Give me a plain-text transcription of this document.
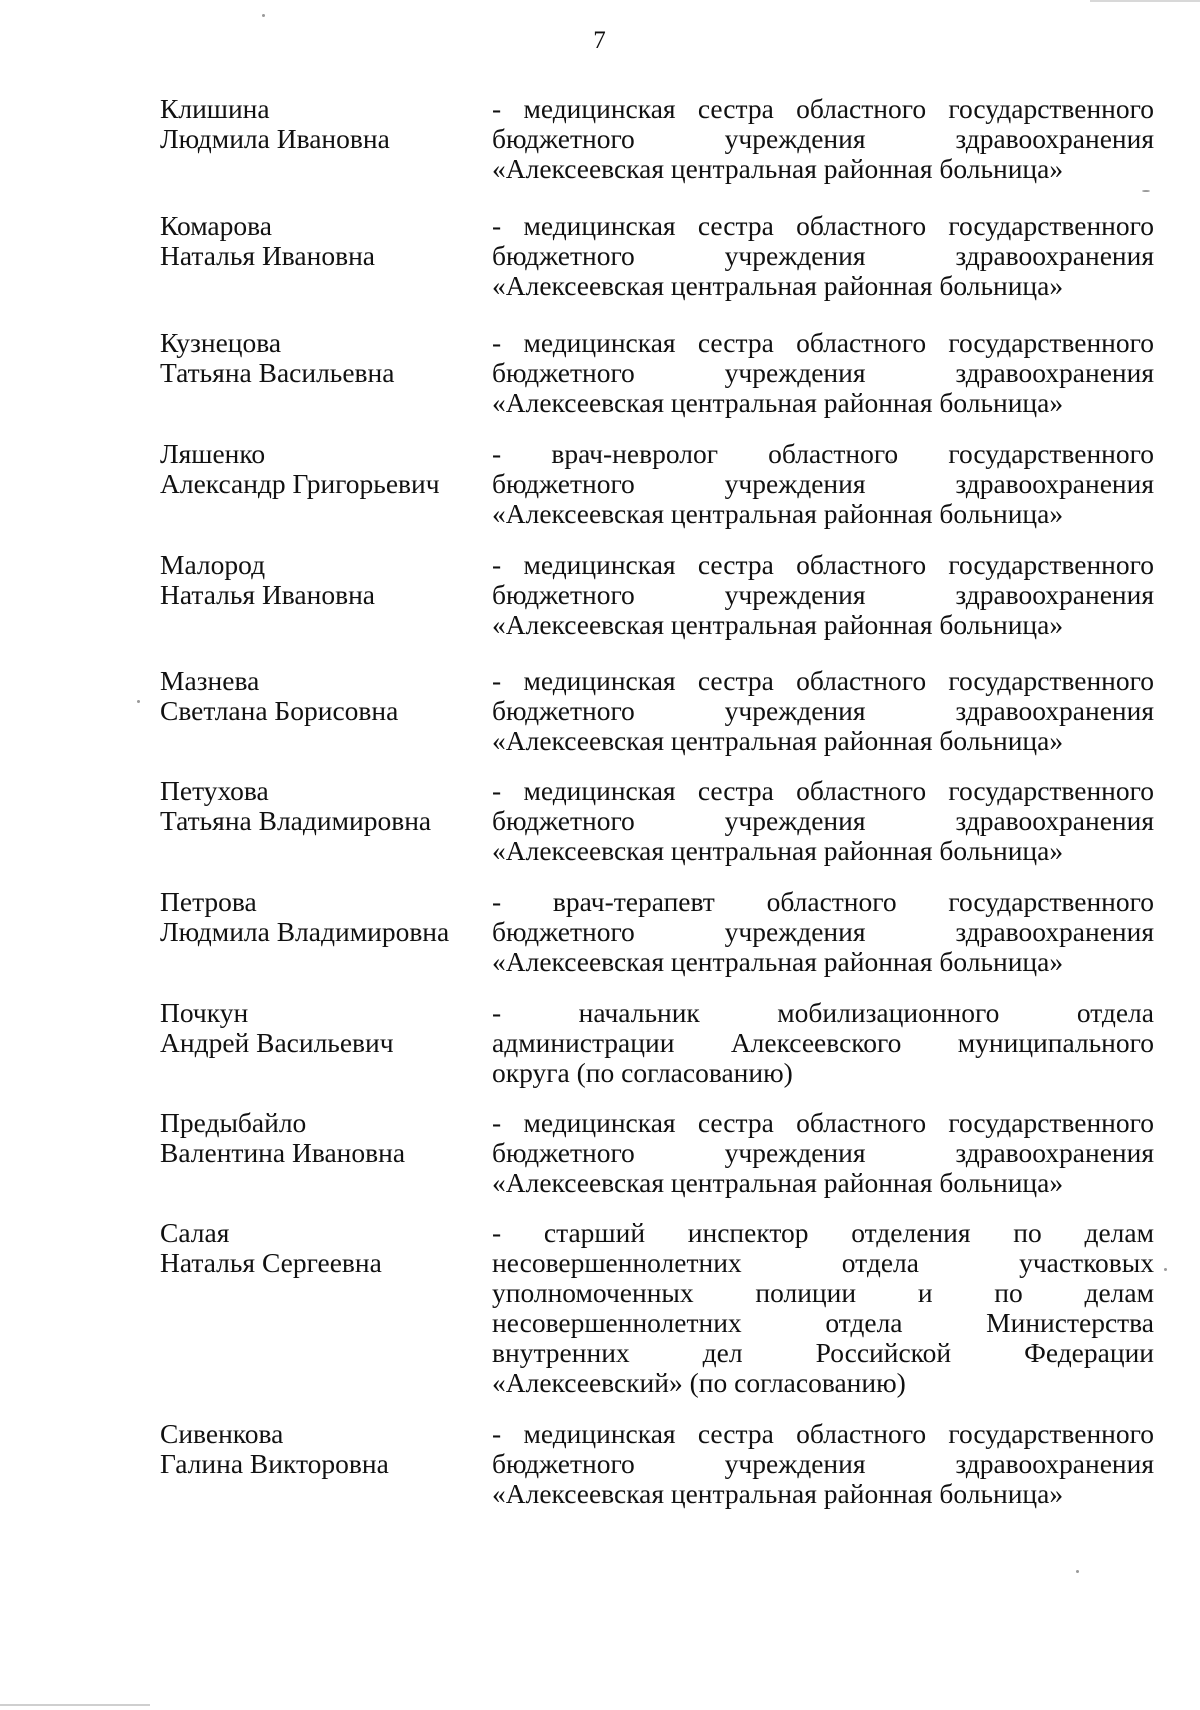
7
Клишина
Людмила Ивановна
- медицинская сестра областного государственного
бюджетного учреждения здравоохранения
«Алексеевская центральная районная больница»
Комарова
Наталья Ивановна
- медицинская сестра областного государственного
бюджетного учреждения здравоохранения
«Алексеевская центральная районная больница»
Кузнецова
Татьяна Васильевна
- медицинская сестра областного государственного
бюджетного учреждения здравоохранения
«Алексеевская центральная районная больница»
Ляшенко
Александр Григорьевич
- врач-невролог областного государственного
бюджетного учреждения здравоохранения
«Алексеевская центральная районная больница»
Малород
Наталья Ивановна
- медицинская сестра областного государственного
бюджетного учреждения здравоохранения
«Алексеевская центральная районная больница»
Мазнева
Светлана Борисовна
- медицинская сестра областного государственного
бюджетного учреждения здравоохранения
«Алексеевская центральная районная больница»
Петухова
Татьяна Владимировна
- медицинская сестра областного государственного
бюджетного учреждения здравоохранения
«Алексеевская центральная районная больница»
Петрова
Людмила Владимировна
- врач-терапевт областного государственного
бюджетного учреждения здравоохранения
«Алексеевская центральная районная больница»
Почкун
Андрей Васильевич
- начальник мобилизационного отдела
администрации Алексеевского муниципального
округа (по согласованию)
Предыбайло
Валентина Ивановна
- медицинская сестра областного государственного
бюджетного учреждения здравоохранения
«Алексеевская центральная районная больница»
Салая
Наталья Сергеевна
- старший инспектор отделения по делам
несовершеннолетних отдела участковых
уполномоченных полиции и по делам
несовершеннолетних отдела Министерства
внутренних дел Российской Федерации
«Алексеевский» (по согласованию)
Сивенкова
Галина Викторовна
- медицинская сестра областного государственного
бюджетного учреждения здравоохранения
«Алексеевская центральная районная больница»
